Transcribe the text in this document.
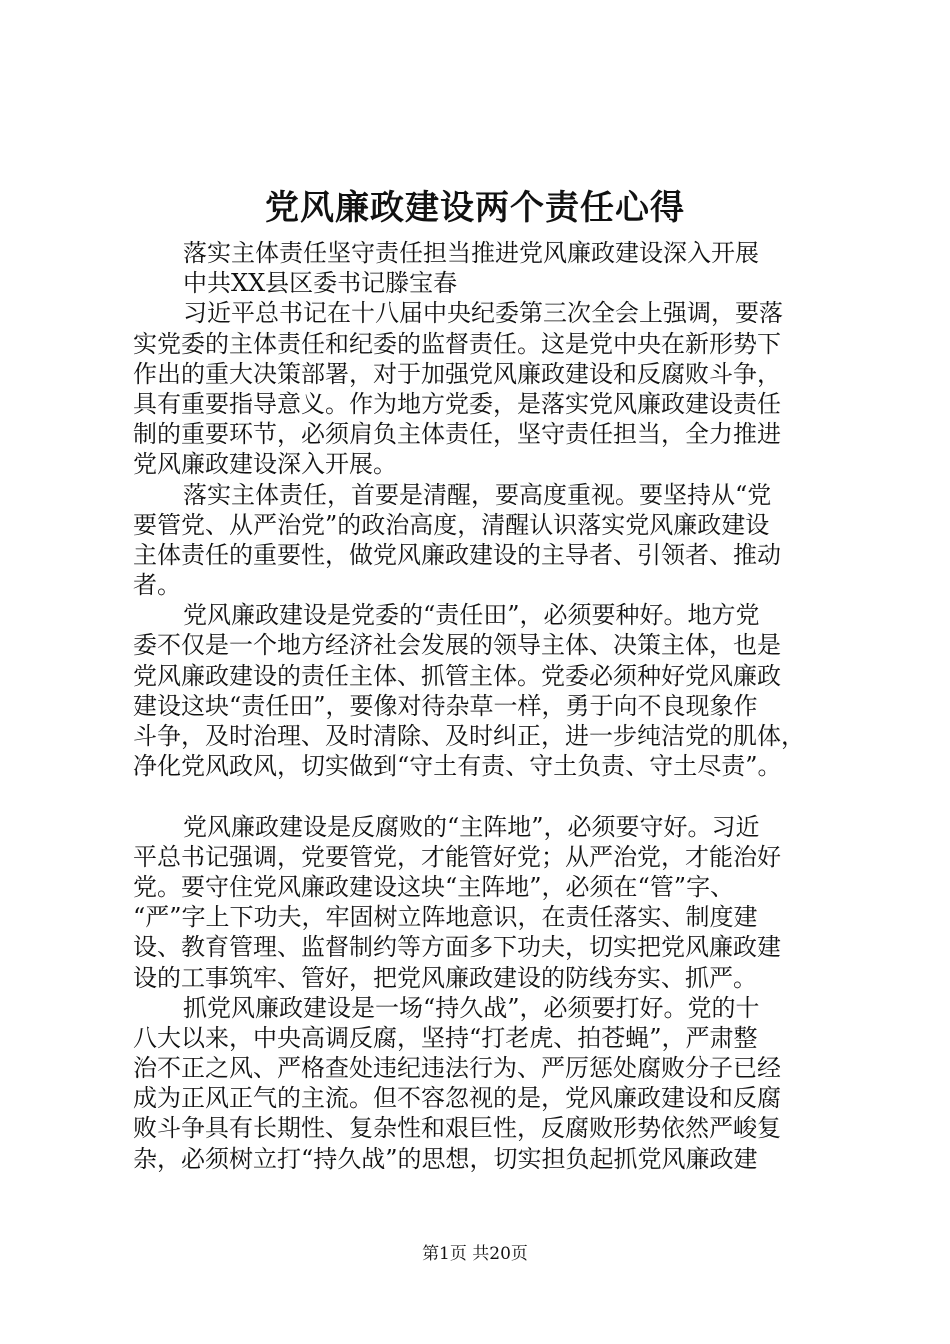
党风廉政建设两个责任心得
落实主体责任坚守责任担当推进党风廉政建设深入开展
中共XX县区委书记滕宝春
习近平总书记在十八届中央纪委第三次全会上强调，要落
实党委的主体责任和纪委的监督责任。这是党中央在新形势下
作出的重大决策部署，对于加强党风廉政建设和反腐败斗争，
具有重要指导意义。作为地方党委，是落实党风廉政建设责任
制的重要环节，必须肩负主体责任，坚守责任担当，全力推进
党风廉政建设深入开展。
落实主体责任，首要是清醒，要高度重视。要坚持从“党
要管党、从严治党”的政治高度，清醒认识落实党风廉政建设
主体责任的重要性，做党风廉政建设的主导者、引领者、推动
者。
党风廉政建设是党委的“责任田”，必须要种好。地方党
委不仅是一个地方经济社会发展的领导主体、决策主体，也是
党风廉政建设的责任主体、抓管主体。党委必须种好党风廉政
建设这块“责任田”，要像对待杂草一样，勇于向不良现象作
斗争，及时治理、及时清除、及时纠正，进一步纯洁党的肌体，
净化党风政风，切实做到“守土有责、守土负责、守土尽责”。
党风廉政建设是反腐败的“主阵地”，必须要守好。习近
平总书记强调，党要管党，才能管好党；从严治党，才能治好
党。要守住党风廉政建设这块“主阵地”，必须在“管”字、
“严”字上下功夫，牢固树立阵地意识，在责任落实、制度建
设、教育管理、监督制约等方面多下功夫，切实把党风廉政建
设的工事筑牢、管好，把党风廉政建设的防线夯实、抓严。
抓党风廉政建设是一场“持久战”，必须要打好。党的十
八大以来，中央高调反腐，坚持“打老虎、拍苍蝇”，严肃整
治不正之风、严格查处违纪违法行为、严厉惩处腐败分子已经
成为正风正气的主流。但不容忽视的是，党风廉政建设和反腐
败斗争具有长期性、复杂性和艰巨性，反腐败形势依然严峻复
杂，必须树立打“持久战”的思想，切实担负起抓党风廉政建
第1页 共20页
